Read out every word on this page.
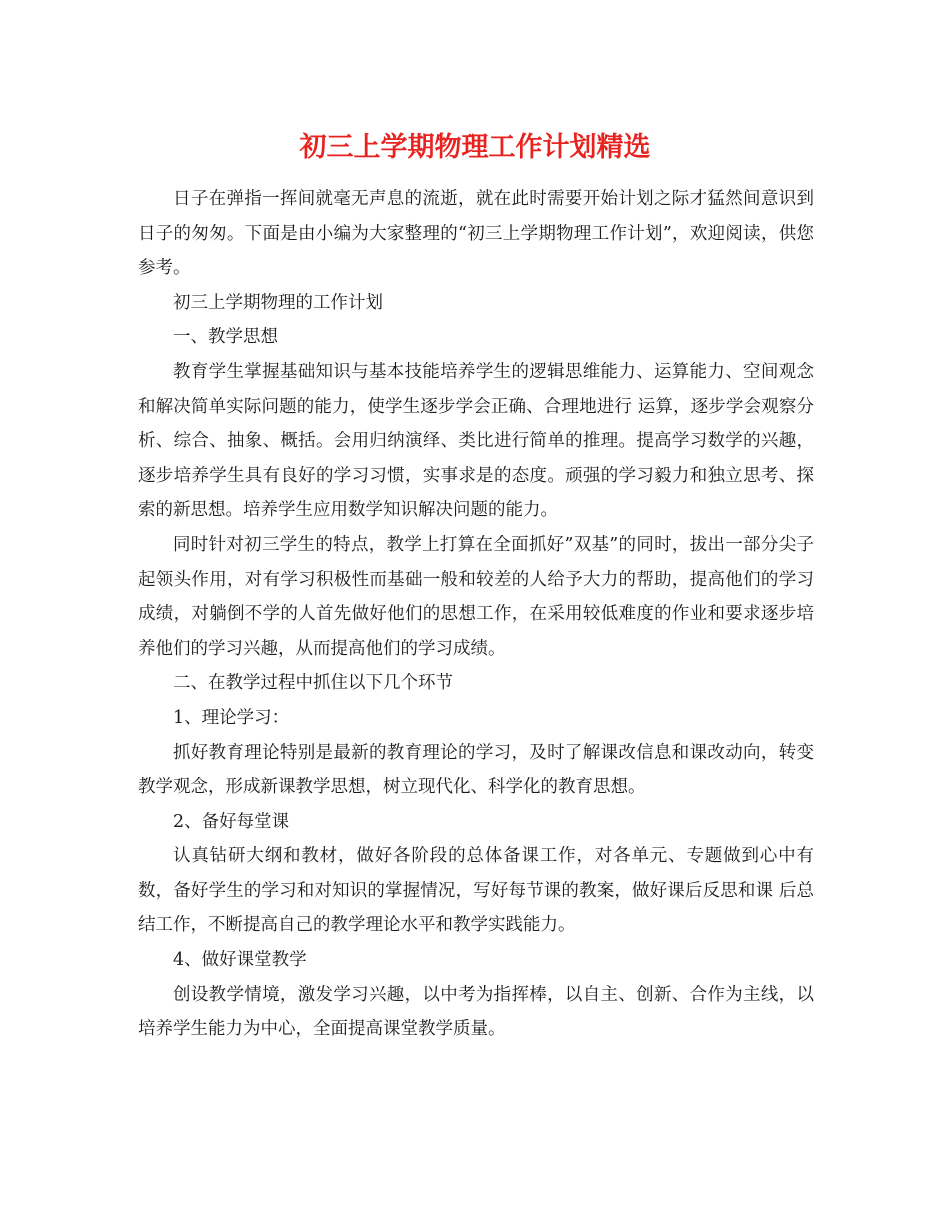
初三上学期物理工作计划精选

日子在弹指一挥间就毫无声息的流逝，就在此时需要开始计划之际才猛然间意识到日子的匆匆。下面是由小编为大家整理的“初三上学期物理工作计划”，欢迎阅读，供您参考。

初三上学期物理的工作计划

一、教学思想

教育学生掌握基础知识与基本技能培养学生的逻辑思维能力、运算能力、空间观念和解决简单实际问题的能力，使学生逐步学会正确、合理地进行 运算，逐步学会观察分析、综合、抽象、概括。会用归纳演绎、类比进行简单的推理。提高学习数学的兴趣，逐步培养学生具有良好的学习习惯，实事求是的态度。顽强的学习毅力和独立思考、探索的新思想。培养学生应用数学知识解决问题的能力。

同时针对初三学生的特点，教学上打算在全面抓好”双基”的同时，拔出一部分尖子起领头作用，对有学习积极性而基础一般和较差的人给予大力的帮助，提高他们的学习成绩，对躺倒不学的人首先做好他们的思想工作，在采用较低难度的作业和要求逐步培养他们的学习兴趣，从而提高他们的学习成绩。

二、在教学过程中抓住以下几个环节

1、理论学习：

抓好教育理论特别是最新的教育理论的学习，及时了解课改信息和课改动向，转变教学观念，形成新课教学思想，树立现代化、科学化的教育思想。

2、备好每堂课

认真钻研大纲和教材，做好各阶段的总体备课工作，对各单元、专题做到心中有数，备好学生的学习和对知识的掌握情况，写好每节课的教案，做好课后反思和课 后总结工作，不断提高自己的教学理论水平和教学实践能力。

4、做好课堂教学

创设教学情境，激发学习兴趣，以中考为指挥棒，以自主、创新、合作为主线，以培养学生能力为中心，全面提高课堂教学质量。
